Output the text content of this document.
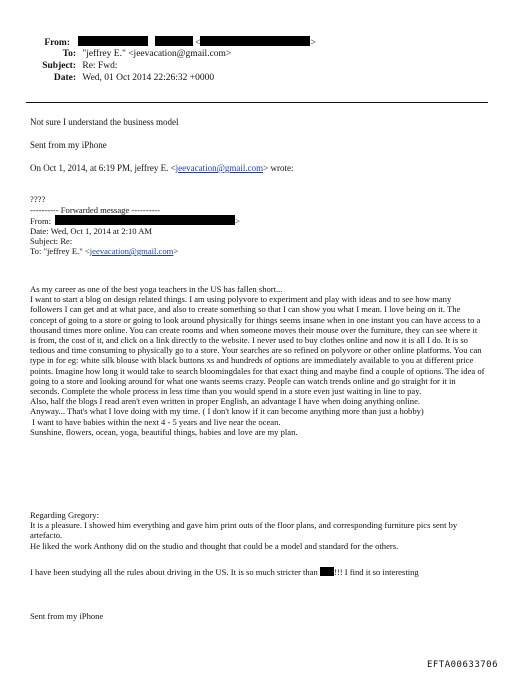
From:	<	>
To: "jeffrey E." <jeevacation@gmail.com>
Subject: Re: Fwd:
Date: Wed, 01 Oct 2014 22:26:32 +0000
Not sure I understand the business model
Sent from my iPhone
On Oct 1, 2014, at 6:19 PM, jeffrey E. <jeevacation@gmail.com> wrote:
????
---------- Forwarded message ----------
From:	>
Date: Wed, Oct 1, 2014 at 2:10 AM
Subject: Re:
To: "jeffrey E." <jeevacation@gmail.com>

As my career as one of the best yoga teachers in the US has fallen short...

I want to start a blog on design related things. I am using polyvore to experiment and play with ideas and to see how many followers I can get and at what pace, and also to create something so that I can show you what I mean. I love being on it. The concept of going to a store or going to look around physically for things seems insane when in one instant you can have access to a thousand times more online. You can create rooms and when someone moves their mouse over the furniture, they can see where it is from, the cost of it, and click on a link directly to the website. I never used to buy clothes online and now it is all I do. It is so tedious and time consuming to physically go to a store. Your searches are so refined on polyvore or other online platforms. You can type in for eg: white silk blouse with black buttons xs and hundreds of options are immediately available to you at different price points. Imagine how long it would take to search bloomingdales for that exact thing and maybe find a couple of options. The idea of going to a store and looking around for what one wants seems crazy. People can watch trends online and go straight for it in seconds. Complete the whole process in less time than you would spend in a store even just waiting in line to pay.

Also, half the blogs I read aren't even written in proper English, an advantage I have when doing anything online.

Anyway... That's what I love doing with my time. ( I don't know if it can become anything more than just a hobby)

I want to have babies within the next 4 - 5 years and live near the ocean.

Sunshine, flowers, ocean, yoga, beautiful things, babies and love are my plan.

Regarding Gregory:

It is a pleasure. I showed him everything and gave him print outs of the floor plans, and corresponding furniture pics sent by artefacto.

He liked the work Anthony did on the studio and thought that could be a model and standard for the others.

I have been studying all the rules about driving in the US. It is so much stricter than !!! I find it so interesting
Sent from my iPhone
EFTA00633706
